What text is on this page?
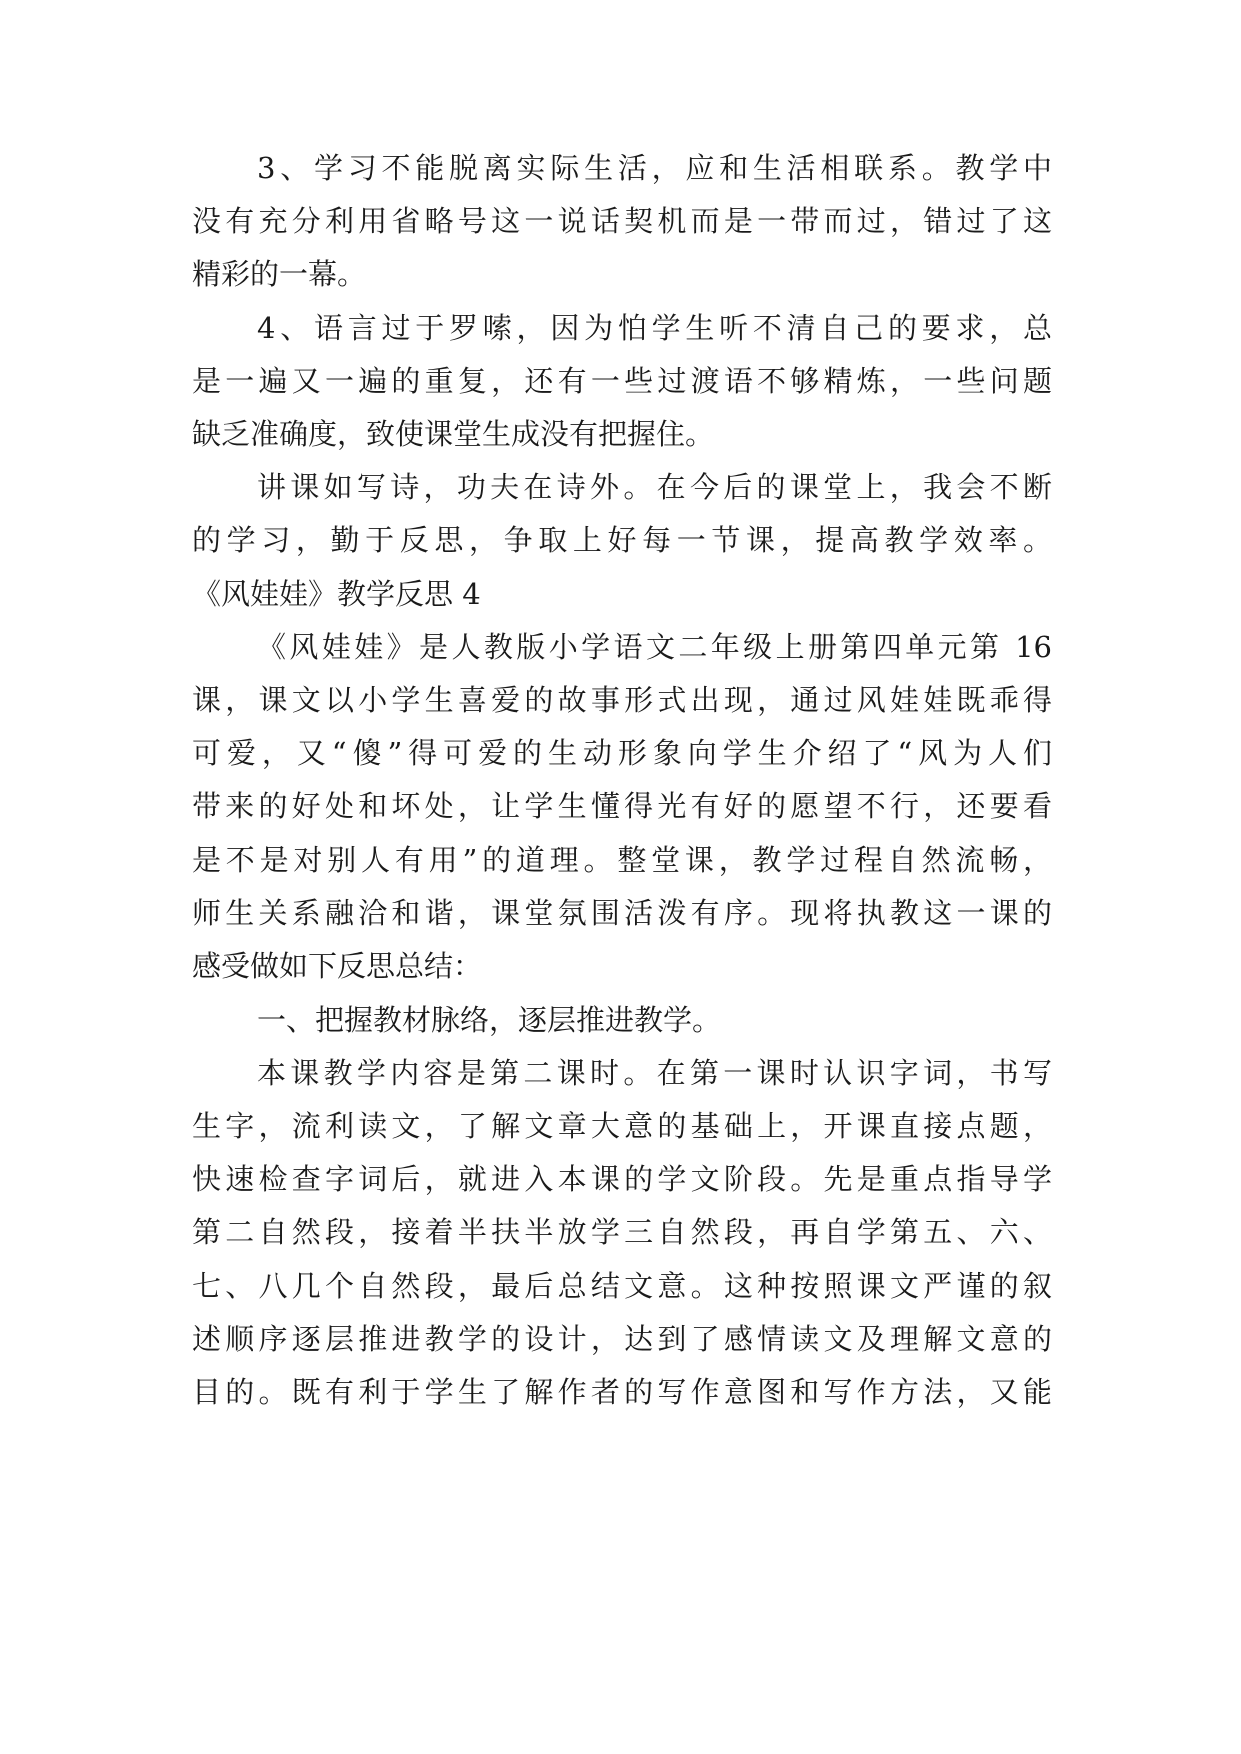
3、学习不能脱离实际生活，应和生活相联系。教学中
没有充分利用省略号这一说话契机而是一带而过，错过了这
精彩的一幕。
4、语言过于罗嗦，因为怕学生听不清自己的要求，总
是一遍又一遍的重复，还有一些过渡语不够精炼，一些问题
缺乏准确度，致使课堂生成没有把握住。
讲课如写诗，功夫在诗外。在今后的课堂上，我会不断
的学习，勤于反思，争取上好每一节课，提高教学效率。
《风娃娃》教学反思 4
《风娃娃》是人教版小学语文二年级上册第四单元第 16
课，课文以小学生喜爱的故事形式出现，通过风娃娃既乖得
可爱，又“傻”得可爱的生动形象向学生介绍了“风为人们
带来的好处和坏处，让学生懂得光有好的愿望不行，还要看
是不是对别人有用”的道理。整堂课，教学过程自然流畅，
师生关系融洽和谐，课堂氛围活泼有序。现将执教这一课的
感受做如下反思总结：
一、把握教材脉络，逐层推进教学。
本课教学内容是第二课时。在第一课时认识字词，书写
生字，流利读文，了解文章大意的基础上，开课直接点题，
快速检查字词后，就进入本课的学文阶段。先是重点指导学
第二自然段，接着半扶半放学三自然段，再自学第五、六、
七、八几个自然段，最后总结文意。这种按照课文严谨的叙
述顺序逐层推进教学的设计，达到了感情读文及理解文意的
目的。既有利于学生了解作者的写作意图和写作方法，又能
